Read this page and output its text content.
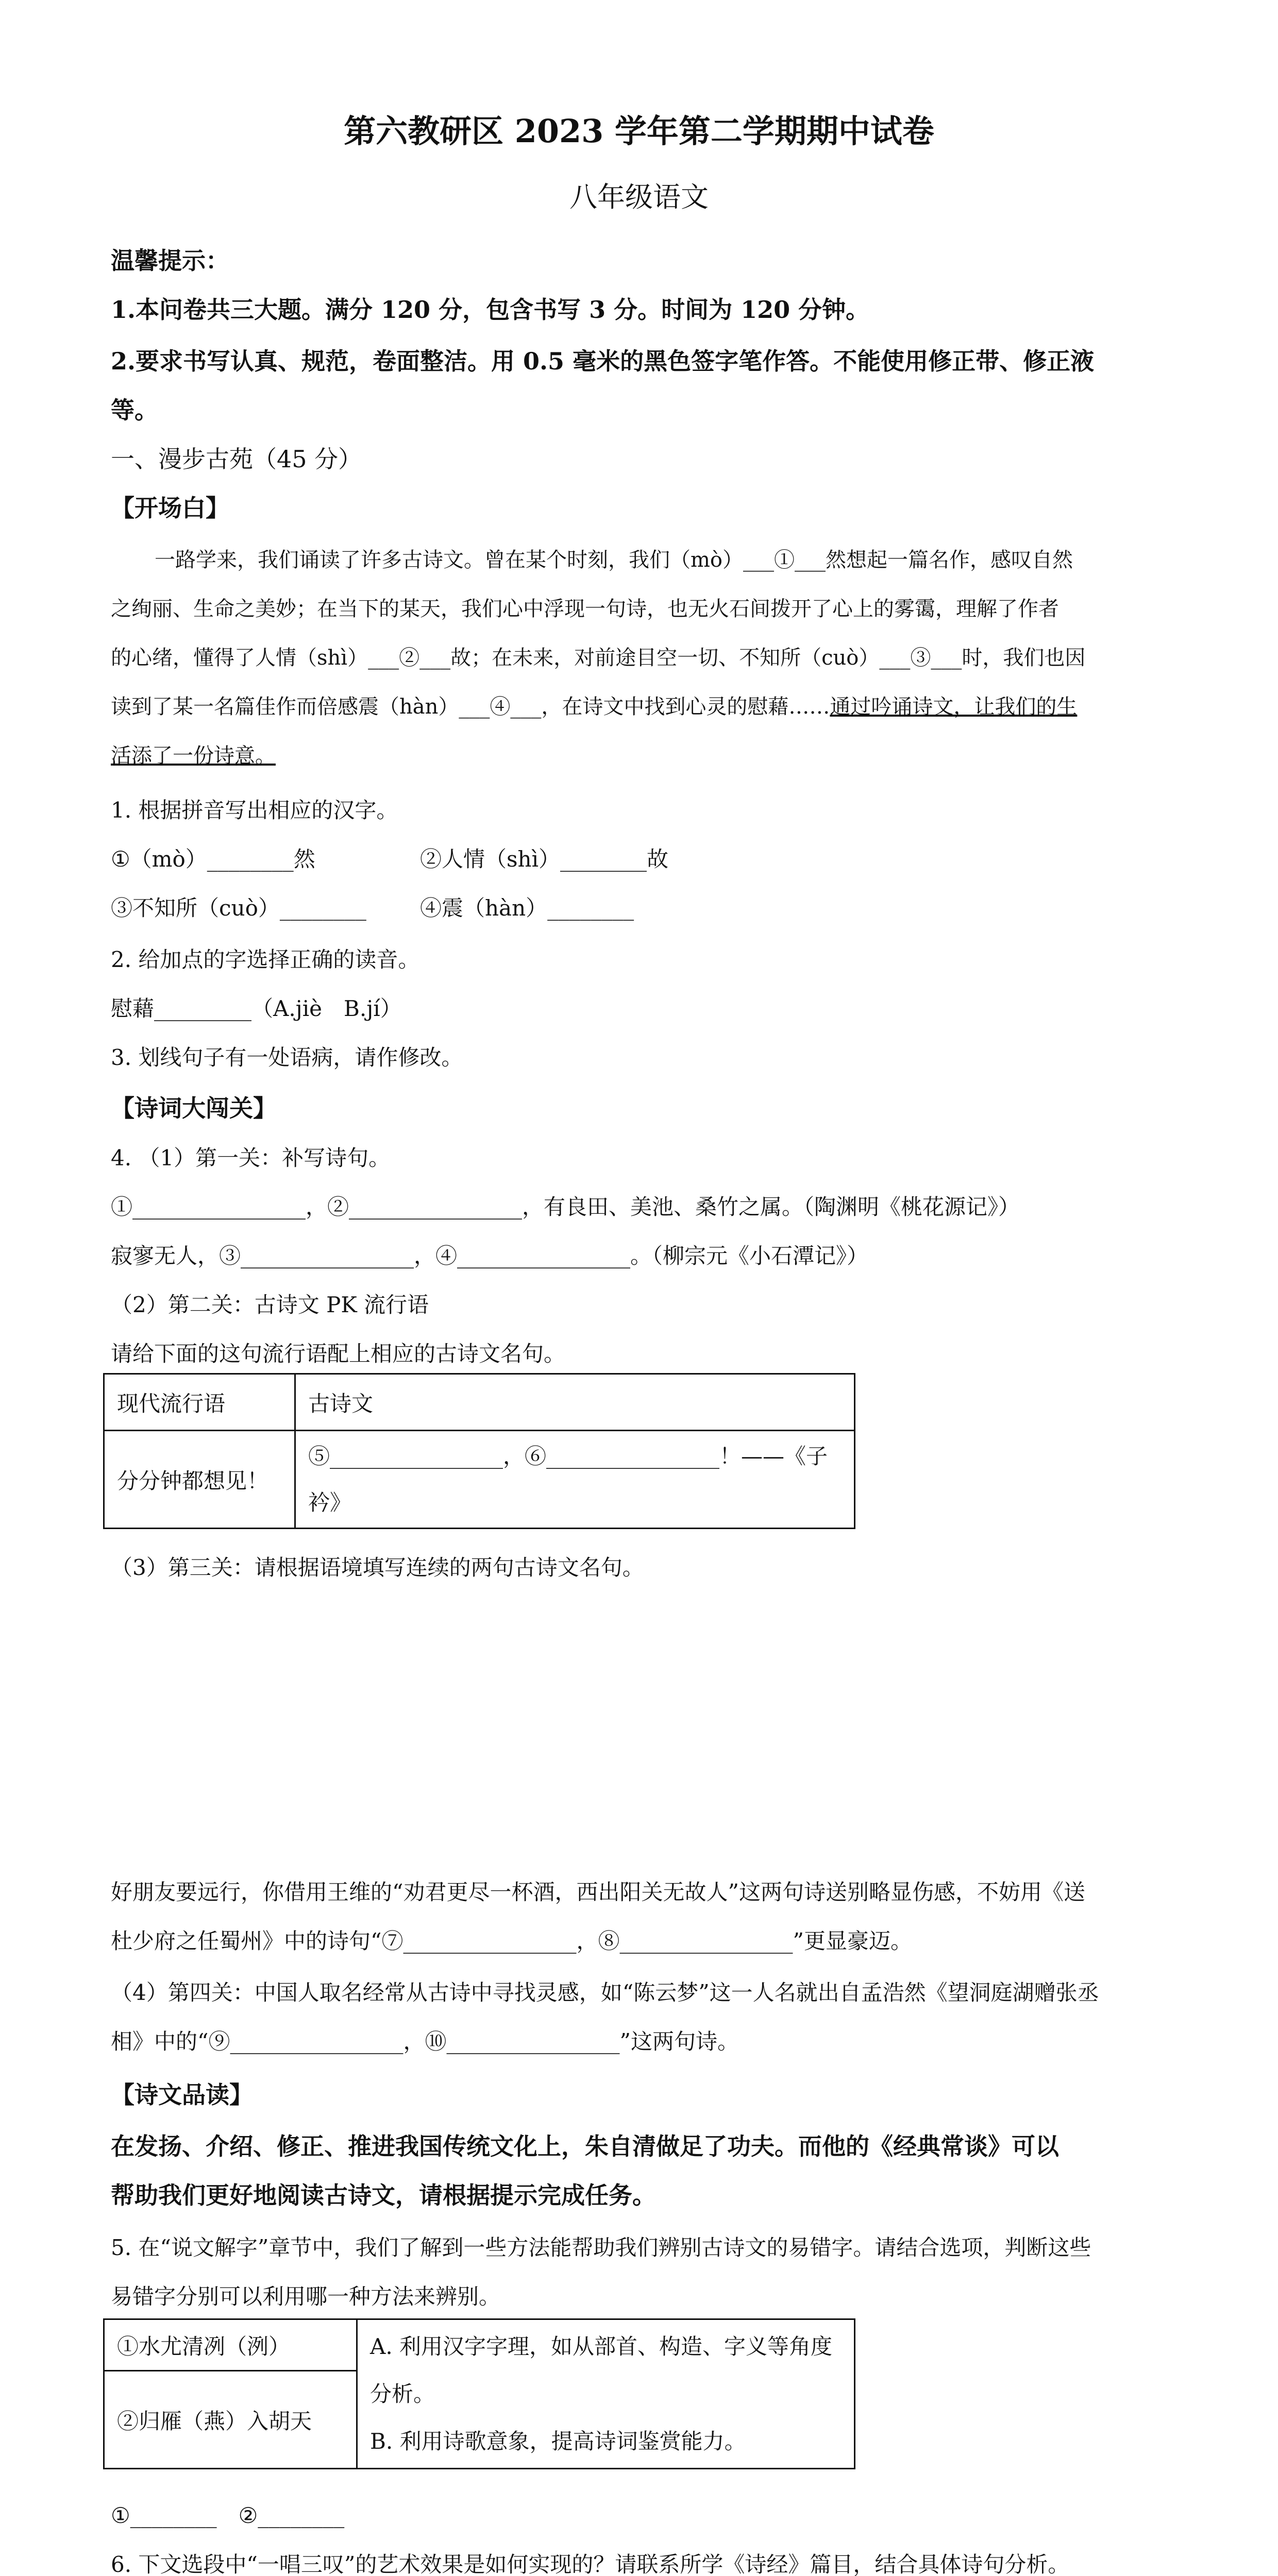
第六教研区 2023 学年第二学期期中试卷
八年级语文
温馨提示：
1.本问卷共三大题。满分 120 分，包含书写 3 分。时间为 120 分钟。
2.要求书写认真、规范，卷面整洁。用 0.5 毫米的黑色签字笔作答。不能使用修正带、修正液
等。
一、漫步古苑（45 分）
【开场白】
一路学来，我们诵读了许多古诗文。曾在某个时刻，我们（mò）___①___然想起一篇名作，感叹自然
之绚丽、生命之美妙；在当下的某天，我们心中浮现一句诗，也无火石间拨开了心上的雾霭，理解了作者
的心绪，懂得了人情（shì）___②___故；在未来，对前途目空一切、不知所（cuò）___③___时，我们也因
读到了某一名篇佳作而倍感震（hàn）___④___，在诗文中找到心灵的慰藉……通过吟诵诗文，让我们的生
活添了一份诗意。
1. 根据拼音写出相应的汉字。
①（mò）________然	②人情（shì）________故
③不知所（cuò）________ ④震（hàn）________
2. 给加点的字选择正确的读音。
慰藉_________（A.jiè　B.jí）
3. 划线句子有一处语病，请作修改。
【诗词大闯关】
4. （1）第一关：补写诗句。
①________________，②________________，有良田、美池、桑竹之属。（陶渊明《桃花源记》）
寂寥无人，③________________，④________________。（柳宗元《小石潭记》）
（2）第二关：古诗文 PK 流行语
请给下面的这句流行语配上相应的古诗文名句。
现代流行语	古诗文
分分钟都想见！	⑤________________，⑥________________！——《子
衿》
（3）第三关：请根据语境填写连续的两句古诗文名句。
好朋友要远行，你借用王维的“劝君更尽一杯酒，西出阳关无故人”这两句诗送别略显伤感，不妨用《送
杜少府之任蜀州》中的诗句“⑦________________，⑧________________”更显豪迈。
（4）第四关：中国人取名经常从古诗中寻找灵感，如“陈云梦”这一人名就出自孟浩然《望洞庭湖赠张丞
相》中的“⑨________________，⑩________________”这两句诗。
【诗文品读】
在发扬、介绍、修正、推进我国传统文化上，朱自清做足了功夫。而他的《经典常谈》可以
帮助我们更好地阅读古诗文，请根据提示完成任务。
5. 在“说文解字”章节中，我们了解到一些方法能帮助我们辨别古诗文的易错字。请结合选项，判断这些
易错字分别可以利用哪一种方法来辨别。
①水尤清冽（洌）	A. 利用汉字字理，如从部首、构造、字义等角度
分析。
B. 利用诗歌意象，提高诗词鉴赏能力。

②归雁（燕）入胡天
①________　②________
6. 下文选段中“一唱三叹”的艺术效果是如何实现的？请联系所学《诗经》篇目，结合具体诗句分析。
